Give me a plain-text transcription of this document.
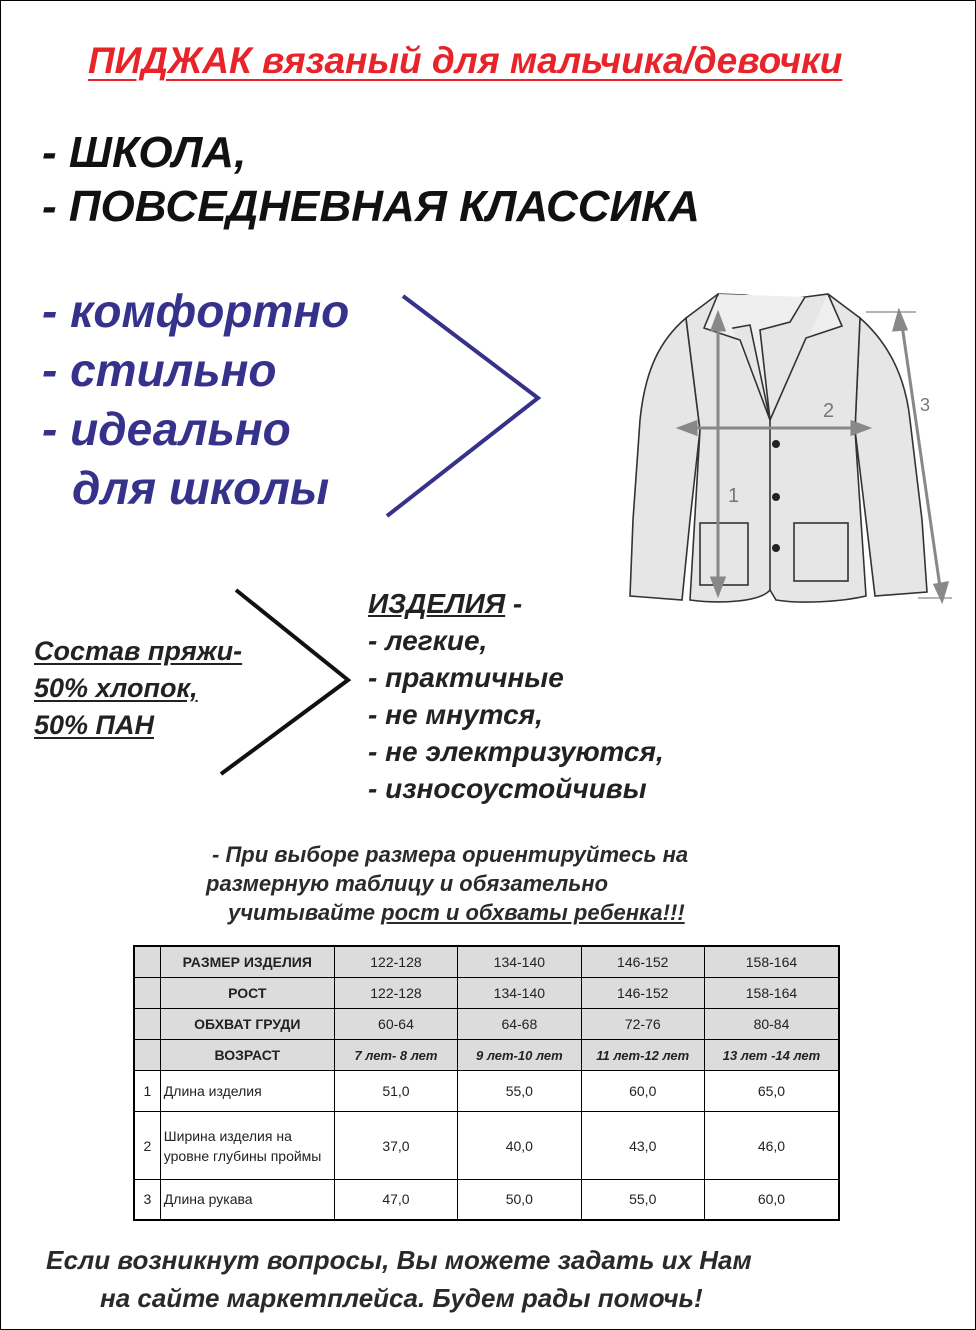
ПИДЖАК вязаный для мальчика/девочки
- ШКОЛА,
- ПОВСЕДНЕВНАЯ КЛАССИКА
- комфортно
- стильно
- идеально
для школы
Состав пряжи-
50% хлопок,
50% ПАН
ИЗДЕЛИЯ -
- легкие,
- практичные
- не мнутся,
- не электризуются,
- износоустойчивы
1
2	3
- При выборе размера ориентируйтесь на
размерную таблицу и обязательно
учитывайте рост и обхваты ребенка!!!
	РАЗМЕР ИЗДЕЛИЯ	122-128	134-140	146-152	158-164
	РОСТ	122-128	134-140	146-152	158-164
	ОБХВАТ ГРУДИ	60-64	64-68	72-76	80-84
	ВОЗРАСТ	7 лет- 8 лет	9 лет-10 лет	11 лет-12 лет	13 лет -14 лет
1	Длина изделия	51,0	55,0	60,0	65,0
2	Ширина изделия на уровне глубины проймы	37,0	40,0	43,0	46,0
3	Длина рукава	47,0	50,0	55,0	60,0
Если возникнут вопросы, Вы можете задать их Нам
на сайте маркетплейса. Будем рады помочь!
